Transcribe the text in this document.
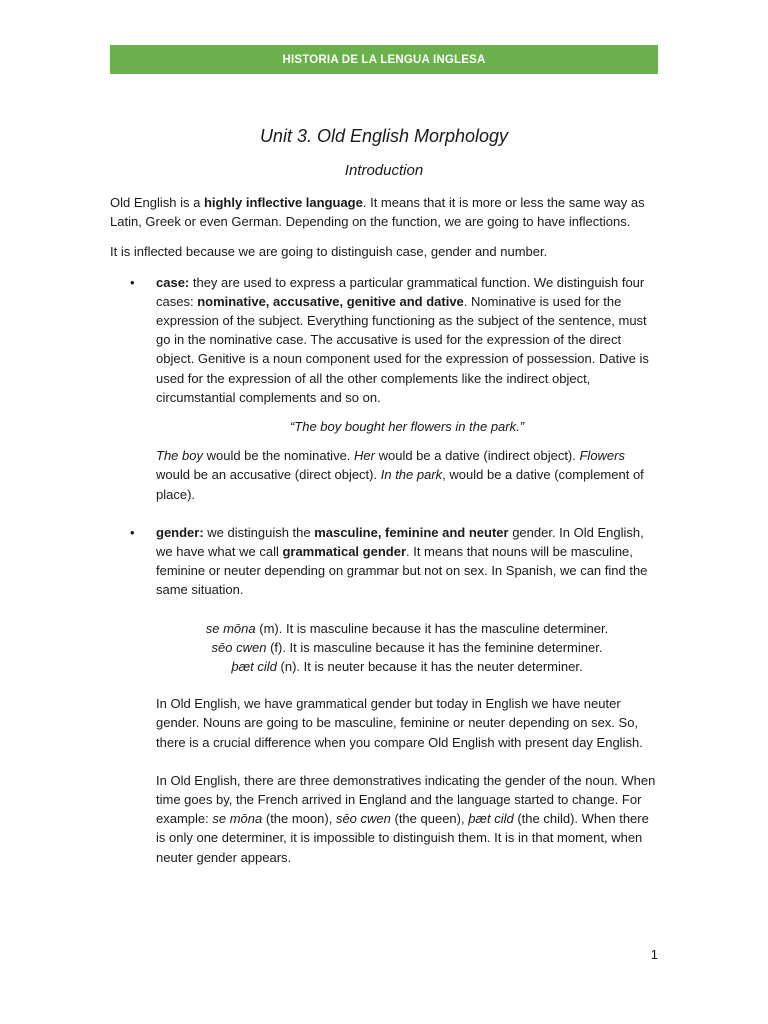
HISTORIA DE LA LENGUA INGLESA
Unit 3. Old English Morphology
Introduction

Old English is a highly inflective language. It means that it is more or less the same way as Latin, Greek or even German. Depending on the function, we are going to have inflections.

It is inflected because we are going to distinguish case, gender and number.

• case: they are used to express a particular grammatical function. We distinguish four cases: nominative, accusative, genitive and dative. Nominative is used for the expression of the subject. Everything functioning as the subject of the sentence, must go in the nominative case. The accusative is used for the expression of the direct object. Genitive is a noun component used for the expression of possession. Dative is used for the expression of all the other complements like the indirect object, circumstantial complements and so on.

“The boy bought her flowers in the park.”

The boy would be the nominative. Her would be a dative (indirect object). Flowers would be an accusative (direct object). In the park, would be a dative (complement of place).

• gender: we distinguish the masculine, feminine and neuter gender. In Old English, we have what we call grammatical gender. It means that nouns will be masculine, feminine or neuter depending on grammar but not on sex. In Spanish, we can find the same situation.

se mōna (m). It is masculine because it has the masculine determiner.
sēo cwen (f). It is masculine because it has the feminine determiner.
þæt cild (n). It is neuter because it has the neuter determiner.

In Old English, we have grammatical gender but today in English we have neuter gender. Nouns are going to be masculine, feminine or neuter depending on sex. So, there is a crucial difference when you compare Old English with present day English.

In Old English, there are three demonstratives indicating the gender of the noun. When time goes by, the French arrived in England and the language started to change. For example: se mōna (the moon), sēo cwen (the queen), þæt cild (the child). When there is only one determiner, it is impossible to distinguish them. It is in that moment, when neuter gender appears.

1
